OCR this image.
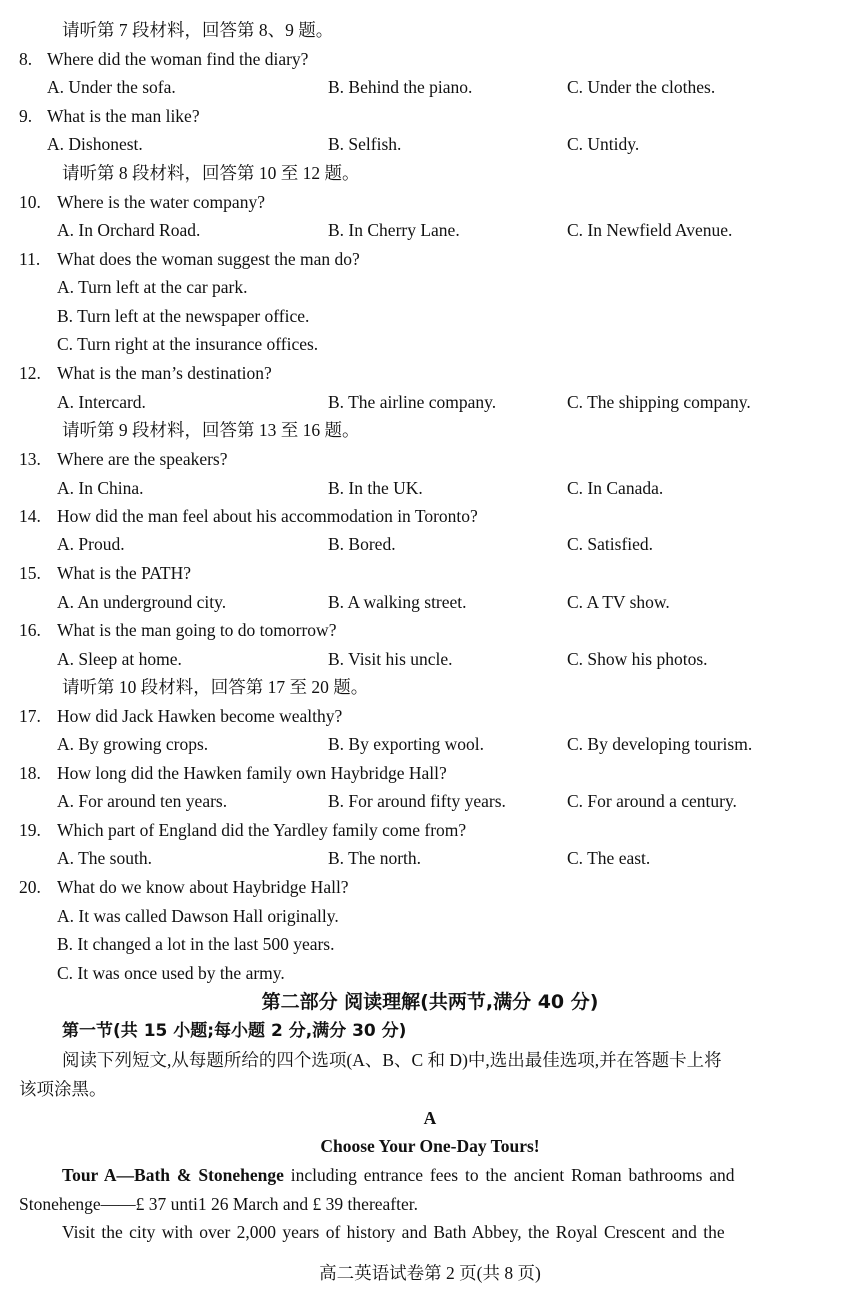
请听第 7 段材料，回答第 8、9 题。
8. Where did the woman find the diary?
A. Under the sofa.	B. Behind the piano.	C. Under the clothes.
9. What is the man like?
A. Dishonest.	B. Selfish.	C. Untidy.
请听第 8 段材料，回答第 10 至 12 题。
10. Where is the water company?
A. In Orchard Road.	B. In Cherry Lane.	C. In Newfield Avenue.
11. What does the woman suggest the man do?
A. Turn left at the car park.
B. Turn left at the newspaper office.
C. Turn right at the insurance offices.
12. What is the man’s destination?
A. Intercard.	B. The airline company.	C. The shipping company.
请听第 9 段材料，回答第 13 至 16 题。
13. Where are the speakers?
A. In China.	B. In the UK.	C. In Canada.
14. How did the man feel about his accommodation in Toronto?
A. Proud.	B. Bored.	C. Satisfied.
15. What is the PATH?
A. An underground city.	B. A walking street.	C. A TV show.
16. What is the man going to do tomorrow?
A. Sleep at home.	B. Visit his uncle.	C. Show his photos.
请听第 10 段材料，回答第 17 至 20 题。
17. How did Jack Hawken become wealthy?
A. By growing crops.	B. By exporting wool.	C. By developing tourism.
18. How long did the Hawken family own Haybridge Hall?
A. For around ten years.	B. For around fifty years.	C. For around a century.
19. Which part of England did the Yardley family come from?
A. The south.	B. The north.	C. The east.
20. What do we know about Haybridge Hall?
A. It was called Dawson Hall originally.
B. It changed a lot in the last 500 years.
C. It was once used by the army.
第二部分 阅读理解(共两节,满分 40 分)
第一节(共 15 小题;每小题 2 分,满分 30 分)
阅读下列短文,从每题所给的四个选项(A、B、C 和 D)中,选出最佳选项,并在答题卡上将
该项涂黑。
A
Choose Your One-Day Tours!
Tour A—Bath & Stonehenge including entrance fees to the ancient Roman bathrooms and
Stonehenge——£ 37 unti1 26 March and £ 39 thereafter.
Visit the city with over 2,000 years of history and Bath Abbey, the Royal Crescent and the
高二英语试卷第 2 页(共 8 页)
